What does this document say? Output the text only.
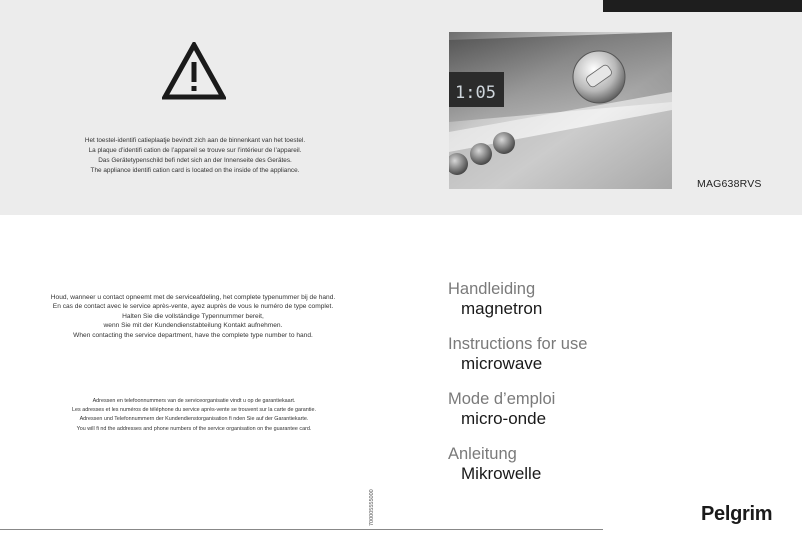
Het toestel-identifi catieplaatje bevindt zich aan de binnenkant van het toestel.
La plaque d’identifi cation de l’appareil se trouve sur l’intérieur de l’appareil.
Das Gerätetypenschild befi ndet sich an der Innenseite des Gerätes.
The appliance identifi cation card is located on the inside of the appliance.
1:05
MAG638RVS
Houd, wanneer u contact opneemt met de serviceafdeling, het complete typenummer bij de hand.
En cas de contact avec le service après-vente, ayez auprès de vous le numéro de type complet.
Halten Sie die vollständige Typennummer bereit,
wenn Sie mit der Kundendienstabteilung Kontakt aufnehmen.
When contacting the service department, have the complete type number to hand.
Adressen en telefoonnummers van de serviceorganisatie vindt u op de garantiekaart.
Les adresses et les numéros de téléphone du service après-vente se trouvent sur la carte de garantie.
Adressen und Telefonnummern der Kundendienstorganisation fi nden Sie auf der Garantiekarte.
You will fi nd the addresses and phone numbers of the service organisation on the guarantee card.
Handleiding
magnetron
Instructions for use
microwave
Mode d’emploi
micro-onde
Anleitung
Mikrowelle
700005555000	Pelgrim
